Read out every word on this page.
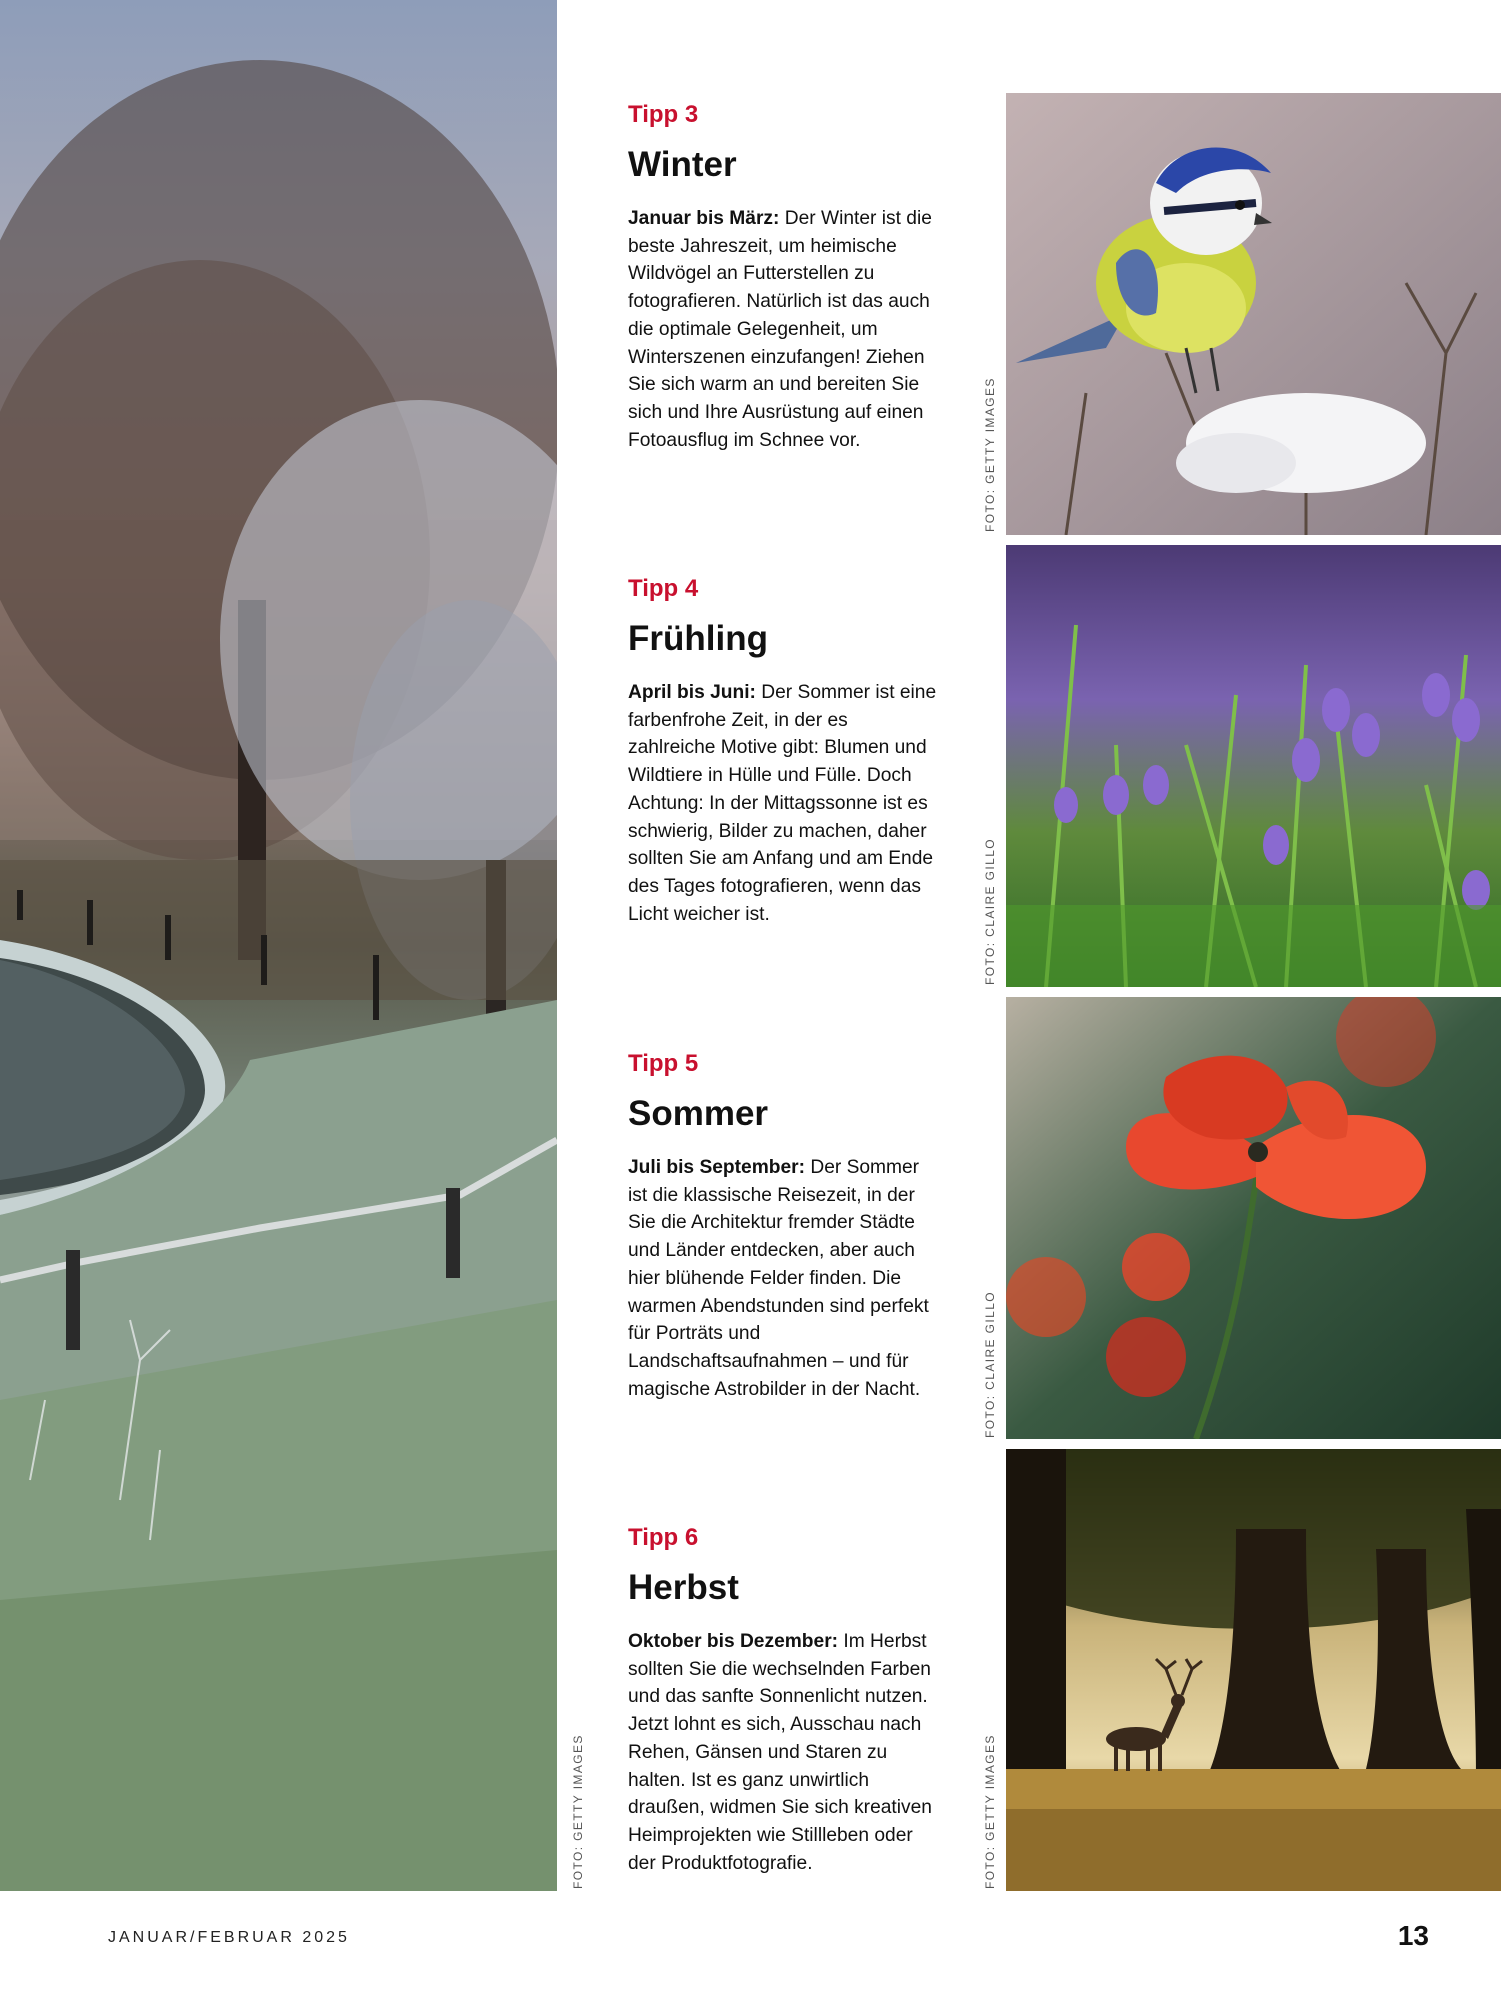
FOTO: GETTY IMAGES

Tipp 3

Winter

Januar bis März: Der Winter ist die beste Jahreszeit, um heimische Wildvögel an Futterstellen zu fotografieren. Natürlich ist das auch die optimale Gelegenheit, um Winterszenen einzufangen! Ziehen Sie sich warm an und bereiten Sie sich und Ihre Ausrüstung auf einen Fotoausflug im Schnee vor.

Tipp 4

Frühling

April bis Juni: Der Sommer ist eine farbenfrohe Zeit, in der es zahlreiche Motive gibt: Blumen und Wildtiere in Hülle und Fülle. Doch Achtung: In der Mittagssonne ist es schwierig, Bilder zu machen, daher sollten Sie am Anfang und am Ende des Tages fotografieren, wenn das Licht weicher ist.

Tipp 5

Sommer

Juli bis September: Der Sommer ist die klassische Reisezeit, in der Sie die Architektur fremder Städte und Länder entdecken, aber auch hier blühende Felder finden. Die warmen Abendstunden sind perfekt für Porträts und Landschaftsaufnahmen – und für magische Astrobilder in der Nacht.

Tipp 6

Herbst

Oktober bis Dezember: Im Herbst sollten Sie die wechselnden Farben und das sanfte Sonnenlicht nutzen. Jetzt lohnt es sich, Ausschau nach Rehen, Gänsen und Staren zu halten. Ist es ganz unwirtlich draußen, widmen Sie sich kreativen Heimprojekten wie Stillleben oder der Produktfotografie.

FOTO: GETTY IMAGES
FOTO: CLAIRE GILLO
FOTO: CLAIRE GILLO
FOTO: GETTY IMAGES
JANUAR/FEBRUAR 2025	13
